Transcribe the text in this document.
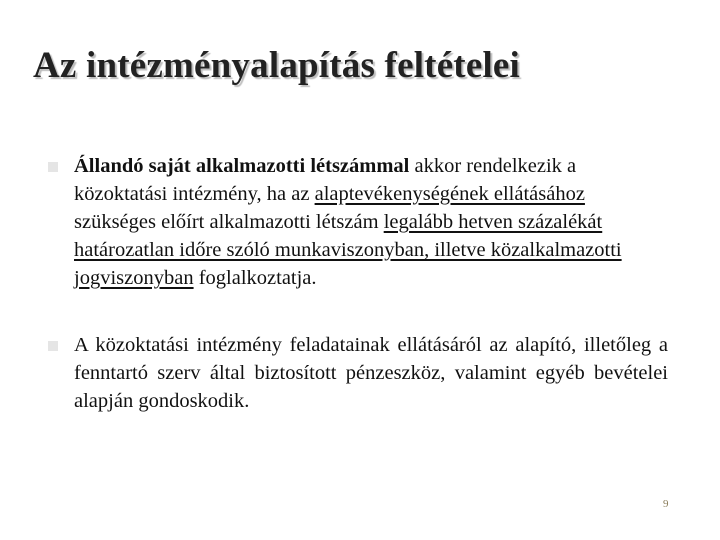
Az intézményalapítás feltételei
Állandó saját alkalmazotti létszámmal akkor rendelkezik a közoktatási intézmény, ha az alaptevékenységének ellátásához szükséges előírt alkalmazotti létszám legalább hetven százalékát határozatlan időre szóló munkaviszonyban, illetve közalkalmazotti jogviszonyban foglalkoztatja.
A közoktatási intézmény feladatainak ellátásáról az alapító, illetőleg a fenntartó szerv által biztosított pénzeszköz, valamint egyéb bevételei alapján gondoskodik.
9
